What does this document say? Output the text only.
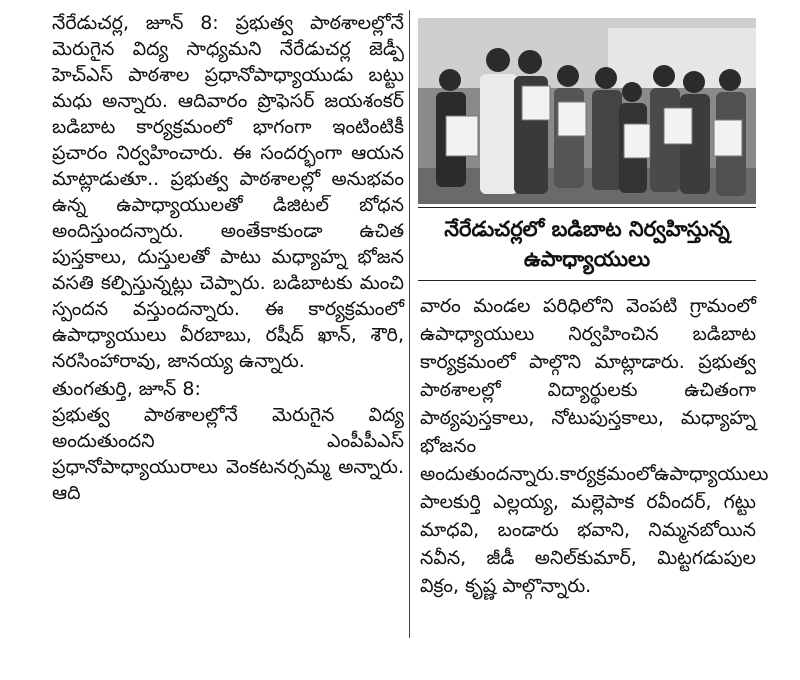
నేరేడుచర్ల, జూన్ 8: ప్రభుత్వ పాఠశాలల్లోనే మెరుగైన విద్య సాధ్యమని నేరేడుచర్ల జెడ్పీ హెచ్ఎస్ పాఠశాల ప్రధానోపాధ్యాయుడు బట్టు మధు అన్నారు. ఆదివారం ప్రొఫెసర్ జయశంకర్ బడిబాట కార్యక్రమంలో భాగంగా ఇంటింటికీ ప్రచారం నిర్వహించారు. ఈ సందర్భంగా ఆయన మాట్లాడుతూ.. ప్రభుత్వ పాఠశాలల్లో అనుభవం ఉన్న ఉపాధ్యాయులతో డిజిటల్ బోధన అందిస్తుందన్నారు. అంతేకాకుండా ఉచిత పుస్తకాలు, దుస్తులతో పాటు మధ్యాహ్న భోజన వసతి కల్పిస్తున్నట్లు చెప్పారు. బడిబాటకు మంచి స్పందన వస్తుందన్నారు. ఈ కార్యక్రమంలో ఉపాధ్యాయులు వీరబాబు, రషీద్ ఖాన్, శౌరి, నరసింహారావు, జానయ్య ఉన్నారు.

తుంగతుర్తి, జూన్ 8:

ప్రభుత్వ పాఠశాలల్లోనే మెరుగైన విద్య అందుతుందని ఎంపీపీఎస్ ప్రధానోపాధ్యాయురాలు వెంకటనర్సమ్మ అన్నారు. ఆది

నేరేడుచర్లలో బడిబాట నిర్వహిస్తున్న
ఉపాధ్యాయులు

వారం మండల పరిధిలోని వెంపటి గ్రామంలో ఉపాధ్యాయులు నిర్వహించిన బడిబాట కార్యక్రమంలో పాల్గొని మాట్లాడారు. ప్రభుత్వ పాఠశాలల్లో విద్యార్థులకు ఉచితంగా పాఠ్యపుస్తకాలు, నోటుపుస్తకాలు, మధ్యాహ్న భోజనం అందుతుందన్నారు.కార్యక్రమంలోఉపాధ్యాయులు పాలకుర్తి ఎల్లయ్య, మల్లెపాక రవీందర్, గట్టు మాధవి, బండారు భవాని, నిమ్మనబోయిన నవీన, జీడీ అనిల్‌కుమార్, మిట్టగడుపుల విక్రం, కృష్ణ పాల్గొన్నారు.
